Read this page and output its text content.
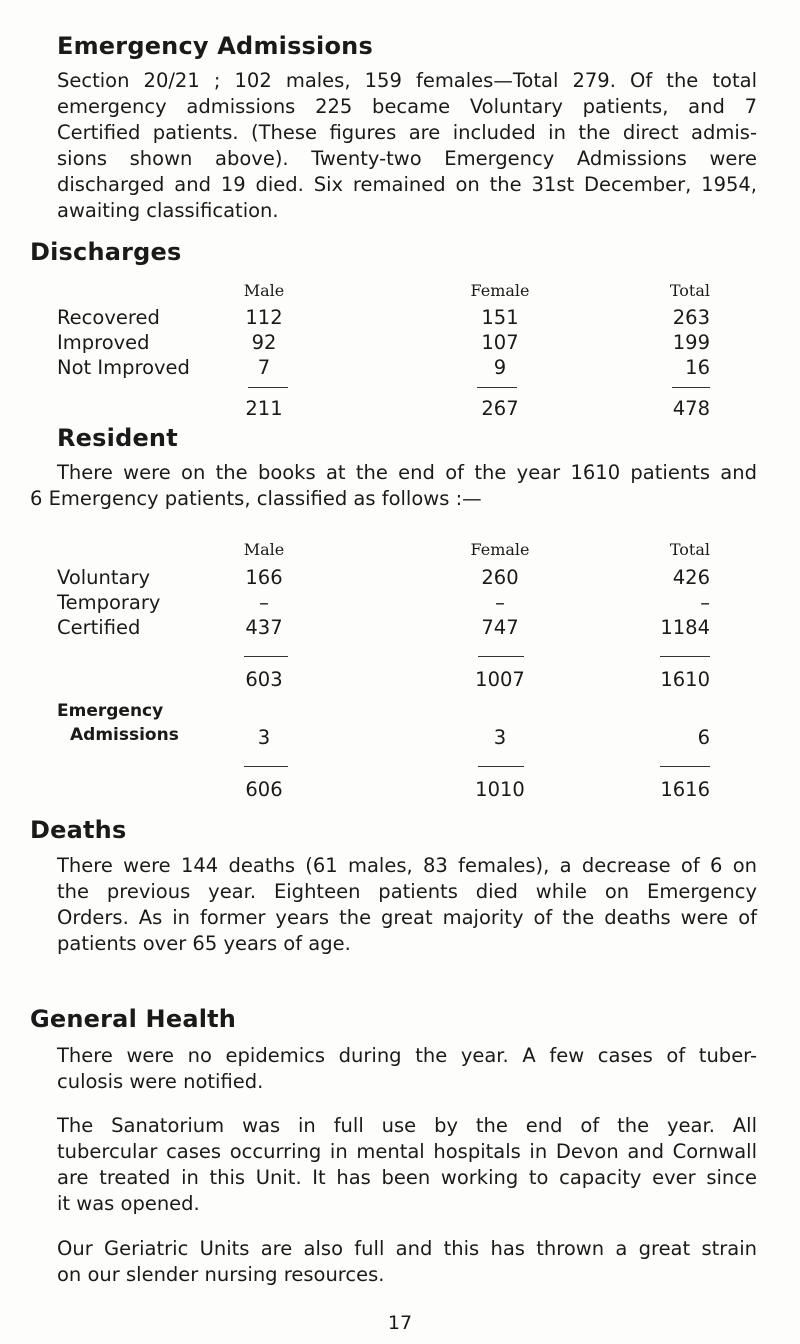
Emergency Admissions
Section 20/21 ; 102 males, 159 females—Total 279. Of the total
emergency admissions 225 became Voluntary patients, and 7
Certified patients. (These figures are included in the direct admis-
sions shown above). Twenty-two Emergency Admissions were
discharged and 19 died. Six remained on the 31st December, 1954,
awaiting classification.
Discharges
Male	Female	Total
Recovered	112	151	263
Improved	92	107	199
Not Improved	7	9	16
211	267	478
Resident
There were on the books at the end of the year 1610 patients and
6 Emergency patients, classified as follows :—
Male	Female	Total
Voluntary	166	260	426
Temporary	–	–	–
Certified	437	747	1184
603	1007	1610
Emergency
Admissions	3	3	6
606	1010	1616
Deaths
There were 144 deaths (61 males, 83 females), a decrease of 6 on
the previous year. Eighteen patients died while on Emergency
Orders. As in former years the great majority of the deaths were of
patients over 65 years of age.
General Health
There were no epidemics during the year. A few cases of tuber-
culosis were notified.
The Sanatorium was in full use by the end of the year. All
tubercular cases occurring in mental hospitals in Devon and Cornwall
are treated in this Unit. It has been working to capacity ever since
it was opened.
Our Geriatric Units are also full and this has thrown a great strain
on our slender nursing resources.
17
